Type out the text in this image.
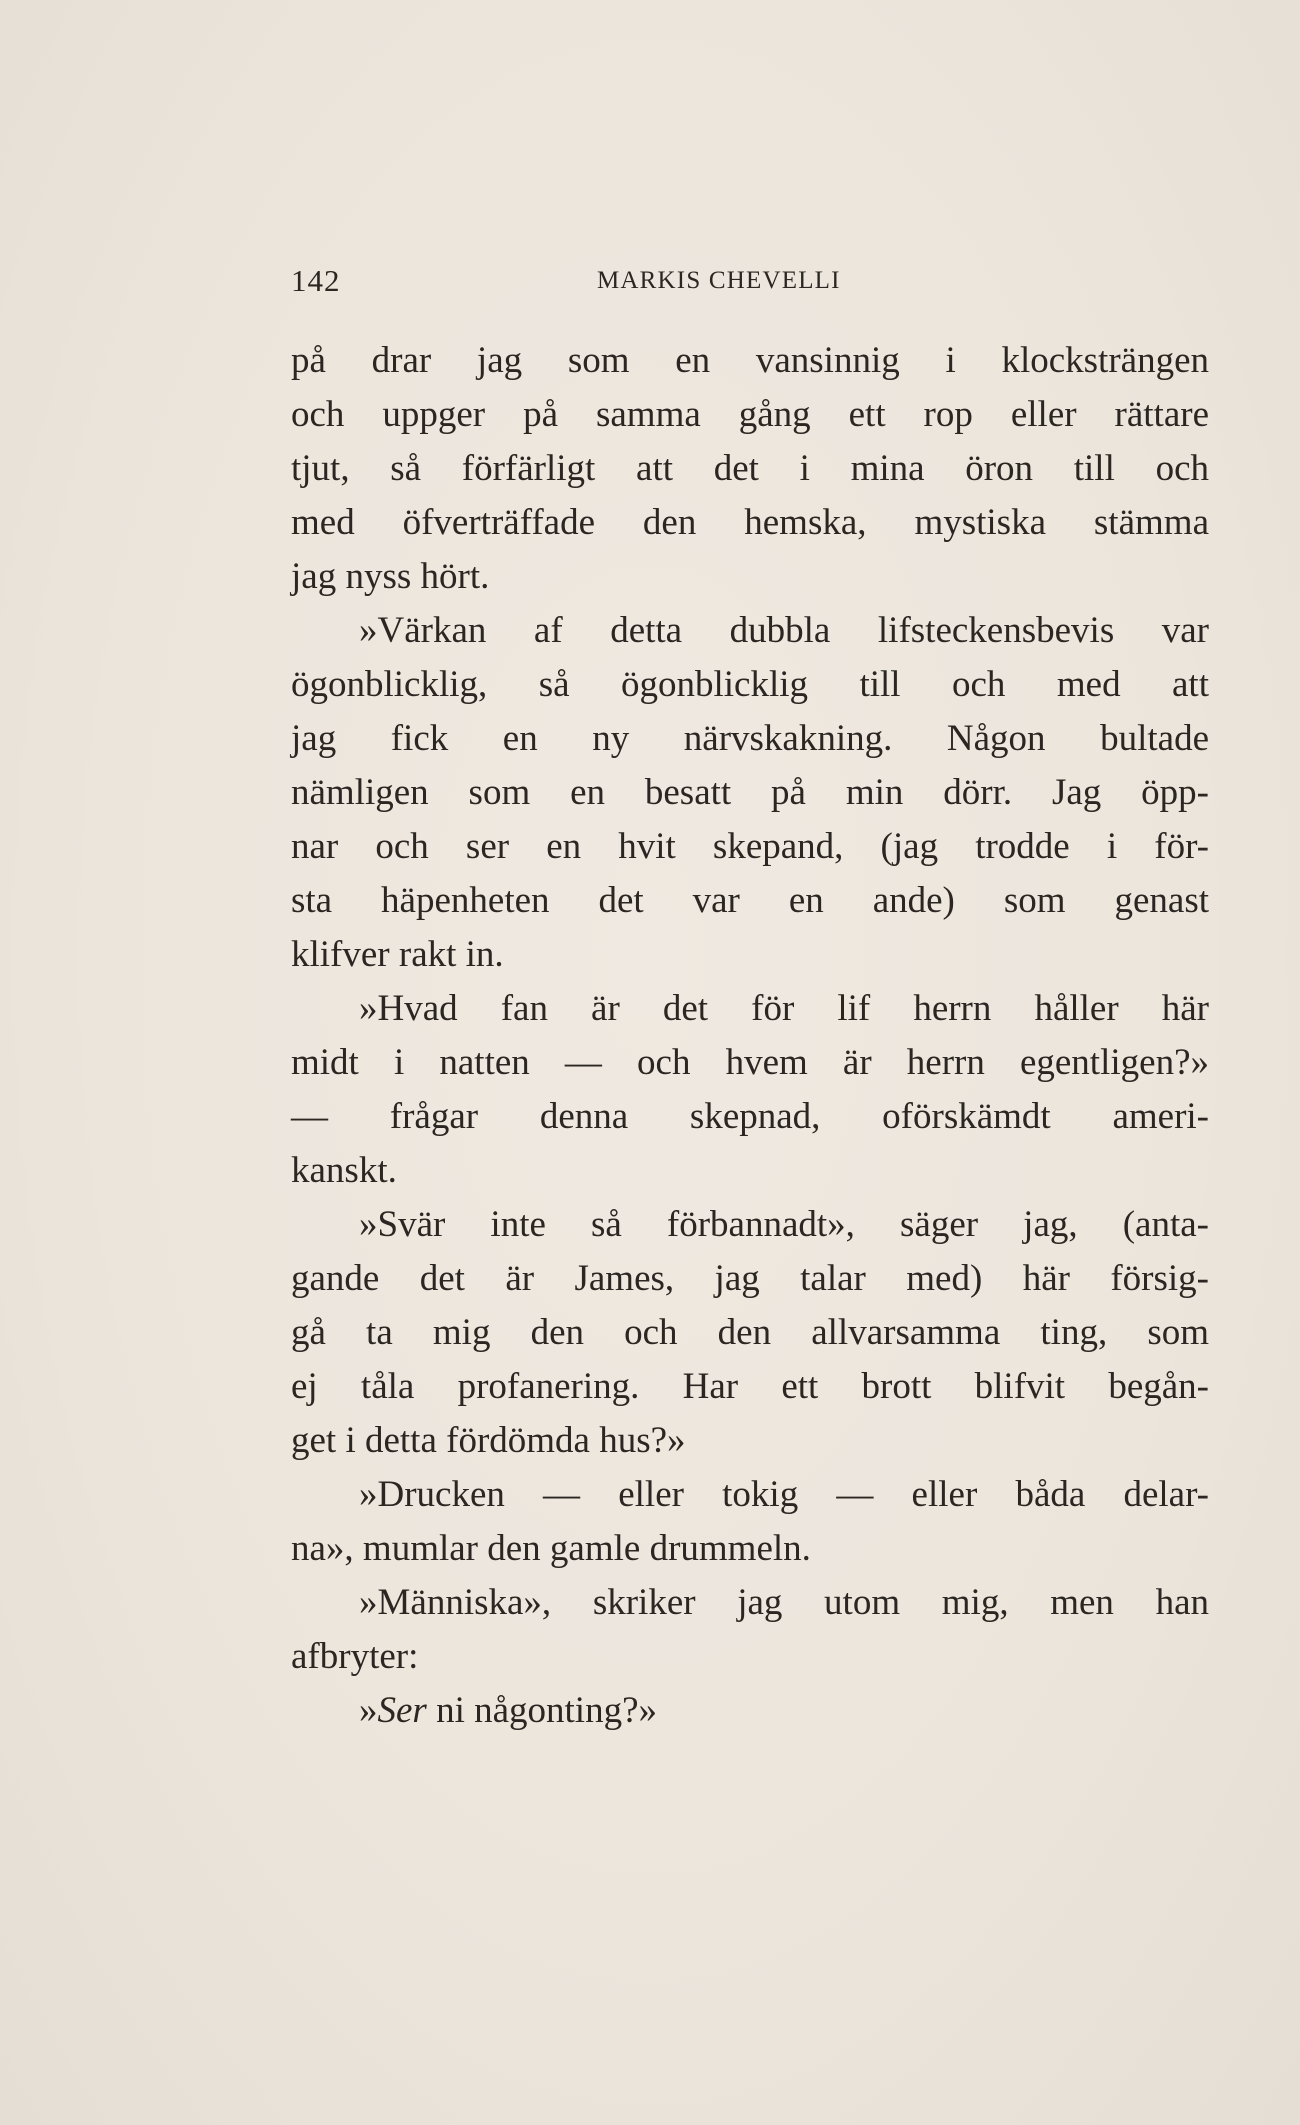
142	MARKIS CHEVELLI
på drar jag som en vansinnig i klocksträngen
och uppger på samma gång ett rop eller rättare
tjut, så förfärligt att det i mina öron till och
med öfverträffade den hemska, mystiska stämma
jag nyss hört.
»Värkan af detta dubbla lifsteckensbevis var
ögonblicklig, så ögonblicklig till och med att
jag fick en ny närvskakning. Någon bultade
nämligen som en besatt på min dörr. Jag öpp-
nar och ser en hvit skepand, (jag trodde i för-
sta häpenheten det var en ande) som genast
klifver rakt in.
»Hvad fan är det för lif herrn håller här
midt i natten — och hvem är herrn egentligen?»
— frågar denna skepnad, oförskämdt ameri-
kanskt.
»Svär inte så förbannadt», säger jag, (anta-
gande det är James, jag talar med) här försig-
gå ta mig den och den allvarsamma ting, som
ej tåla profanering. Har ett brott blifvit begån-
get i detta fördömda hus?»
»Drucken — eller tokig — eller båda delar-
na», mumlar den gamle drummeln.
»Människa», skriker jag utom mig, men han
afbryter:
»Ser ni någonting?»
